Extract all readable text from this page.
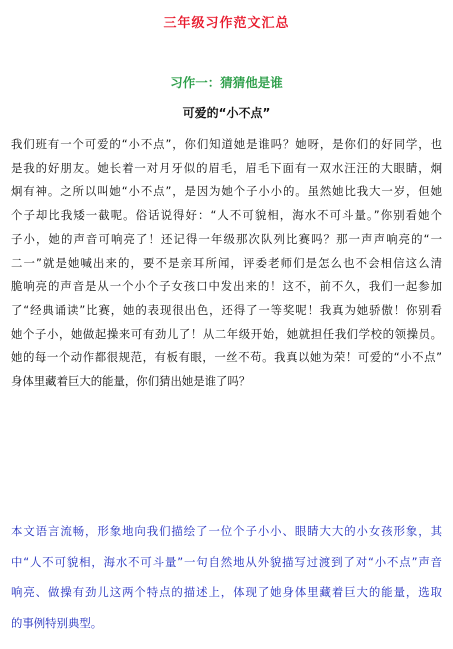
三年级习作范文汇总
习作一：猜猜他是谁
可爱的“小不点”
我们班有一个可爱的“小不点”，你们知道她是谁吗？她呀，是你们的好同学，也
是我的好朋友。她长着一对月牙似的眉毛，眉毛下面有一双水汪汪的大眼睛，炯
炯有神。之所以叫她“小不点”，是因为她个子小小的。虽然她比我大一岁，但她
个子却比我矮一截呢。俗话说得好：“人不可貌相，海水不可斗量。”你别看她个
子小，她的声音可响亮了！还记得一年级那次队列比赛吗？那一声声响亮的“一
二一”就是她喊出来的，要不是亲耳所闻，评委老师们是怎么也不会相信这么清
脆响亮的声音是从一个小个子女孩口中发出来的！这不，前不久，我们一起参加
了“经典诵读”比赛，她的表现很出色，还得了一等奖呢！我真为她骄傲！你别看
她个子小，她做起操来可有劲儿了！从二年级开始，她就担任我们学校的领操员。
她的每一个动作都很规范，有板有眼，一丝不苟。我真以她为荣！可爱的“小不点”
身体里藏着巨大的能量，你们猜出她是谁了吗？
本文语言流畅，形象地向我们描绘了一位个子小小、眼睛大大的小女孩形象，其
中“人不可貌相，海水不可斗量”一句自然地从外貌描写过渡到了对“小不点”声音
响亮、做操有劲儿这两个特点的描述上，体现了她身体里藏着巨大的能量，选取
的事例特别典型。
